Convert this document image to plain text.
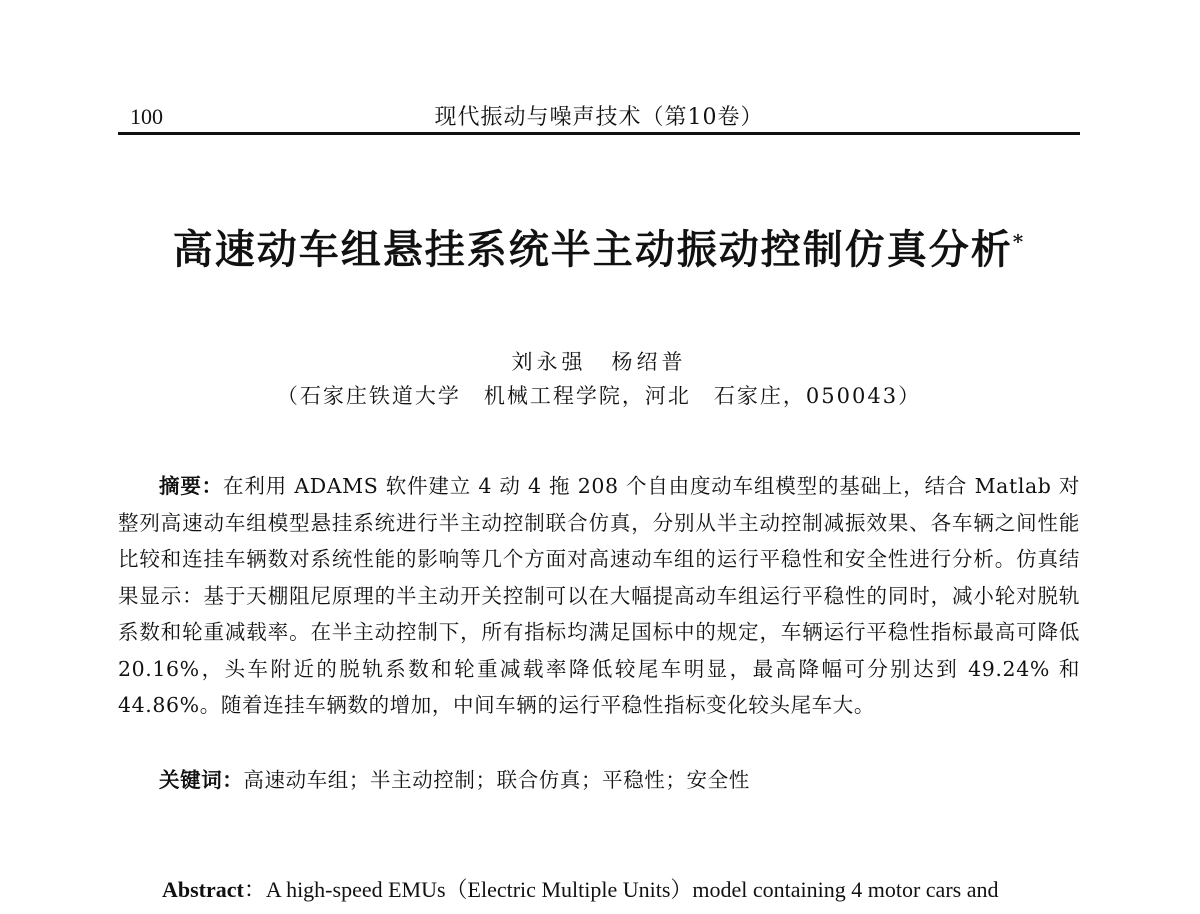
100	现代振动与噪声技术（第10卷）
高速动车组悬挂系统半主动振动控制仿真分析*
刘永强　杨绍普
（石家庄铁道大学　机械工程学院，河北　石家庄，050043）

摘要：在利用 ADAMS 软件建立 4 动 4 拖 208 个自由度动车组模型的基础上，结合 Matlab 对整列高速动车组模型悬挂系统进行半主动控制联合仿真，分别从半主动控制减振效果、各车辆之间性能比较和连挂车辆数对系统性能的影响等几个方面对高速动车组的运行平稳性和安全性进行分析。仿真结果显示：基于天棚阻尼原理的半主动开关控制可以在大幅提高动车组运行平稳性的同时，减小轮对脱轨系数和轮重减载率。在半主动控制下，所有指标均满足国标中的规定，车辆运行平稳性指标最高可降低 20.16%，头车附近的脱轨系数和轮重减载率降低较尾车明显，最高降幅可分别达到 49.24% 和 44.86%。随着连挂车辆数的增加，中间车辆的运行平稳性指标变化较头尾车大。

关键词：高速动车组；半主动控制；联合仿真；平稳性；安全性

Abstract：A high-speed EMUs（Electric Multiple Units）model containing 4 motor cars and
